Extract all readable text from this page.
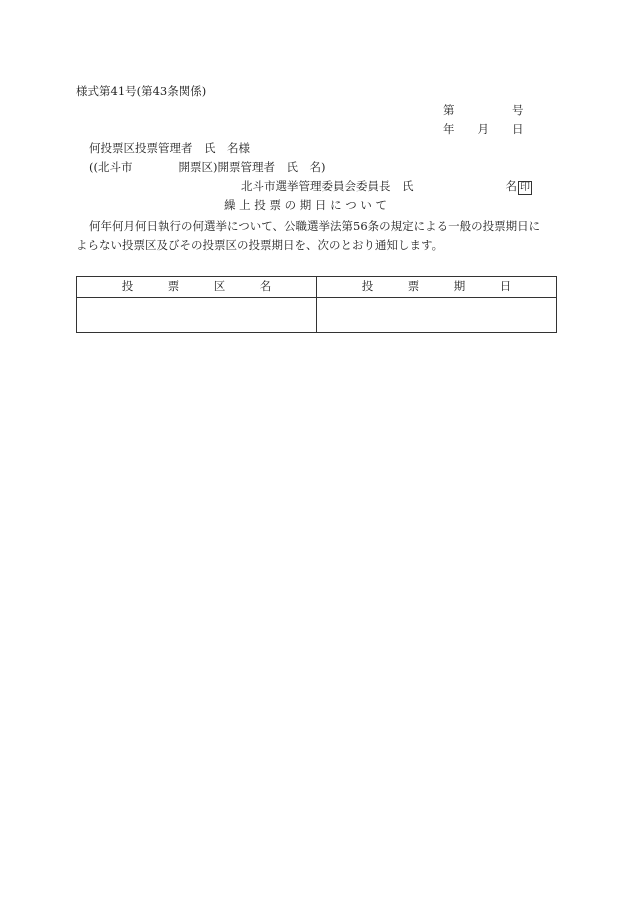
様式第41号(第43条関係)
第　　　　　号
年　　月　　日
何投票区投票管理者　氏　名様
((北斗市　　　　開票区)開票管理者　氏　名)
北斗市選挙管理委員会委員長　氏　　　　　　　　名 印
繰 上 投 票 の 期 日 に つ い て
何年何月何日執行の何選挙について、公職選挙法第56条の規定による一般の投票期日に
よらない投票区及びその投票区の投票期日を、次のとおり通知します。
投　　　票　　　区　　　名	投　　　票　　　期　　　日
